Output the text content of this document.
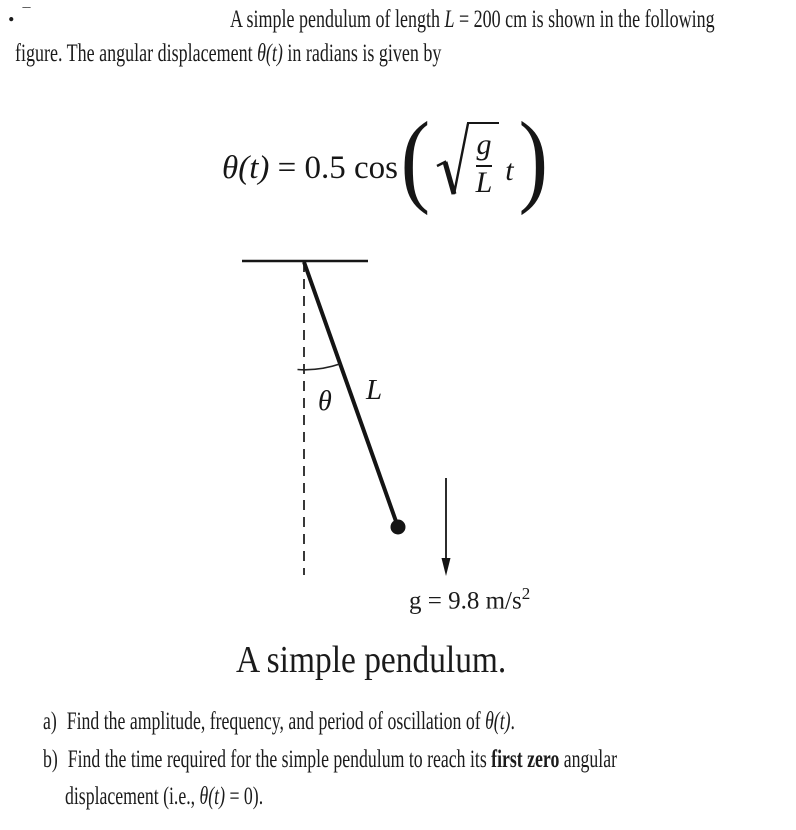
. ---	A simple pendulum of length L = 200 cm is shown in the following
figure. The angular displacement θ(t) in radians is given by
θ(t) = 0.5 cos ( g
L t )
θ L
g = 9.8 $m/s^2$
A simple pendulum.
a) Find the amplitude, frequency, and period of oscillation of θ(t).
b) Find the time required for the simple pendulum to reach its first zero angular
displacement (i.e., θ(t) = 0).
